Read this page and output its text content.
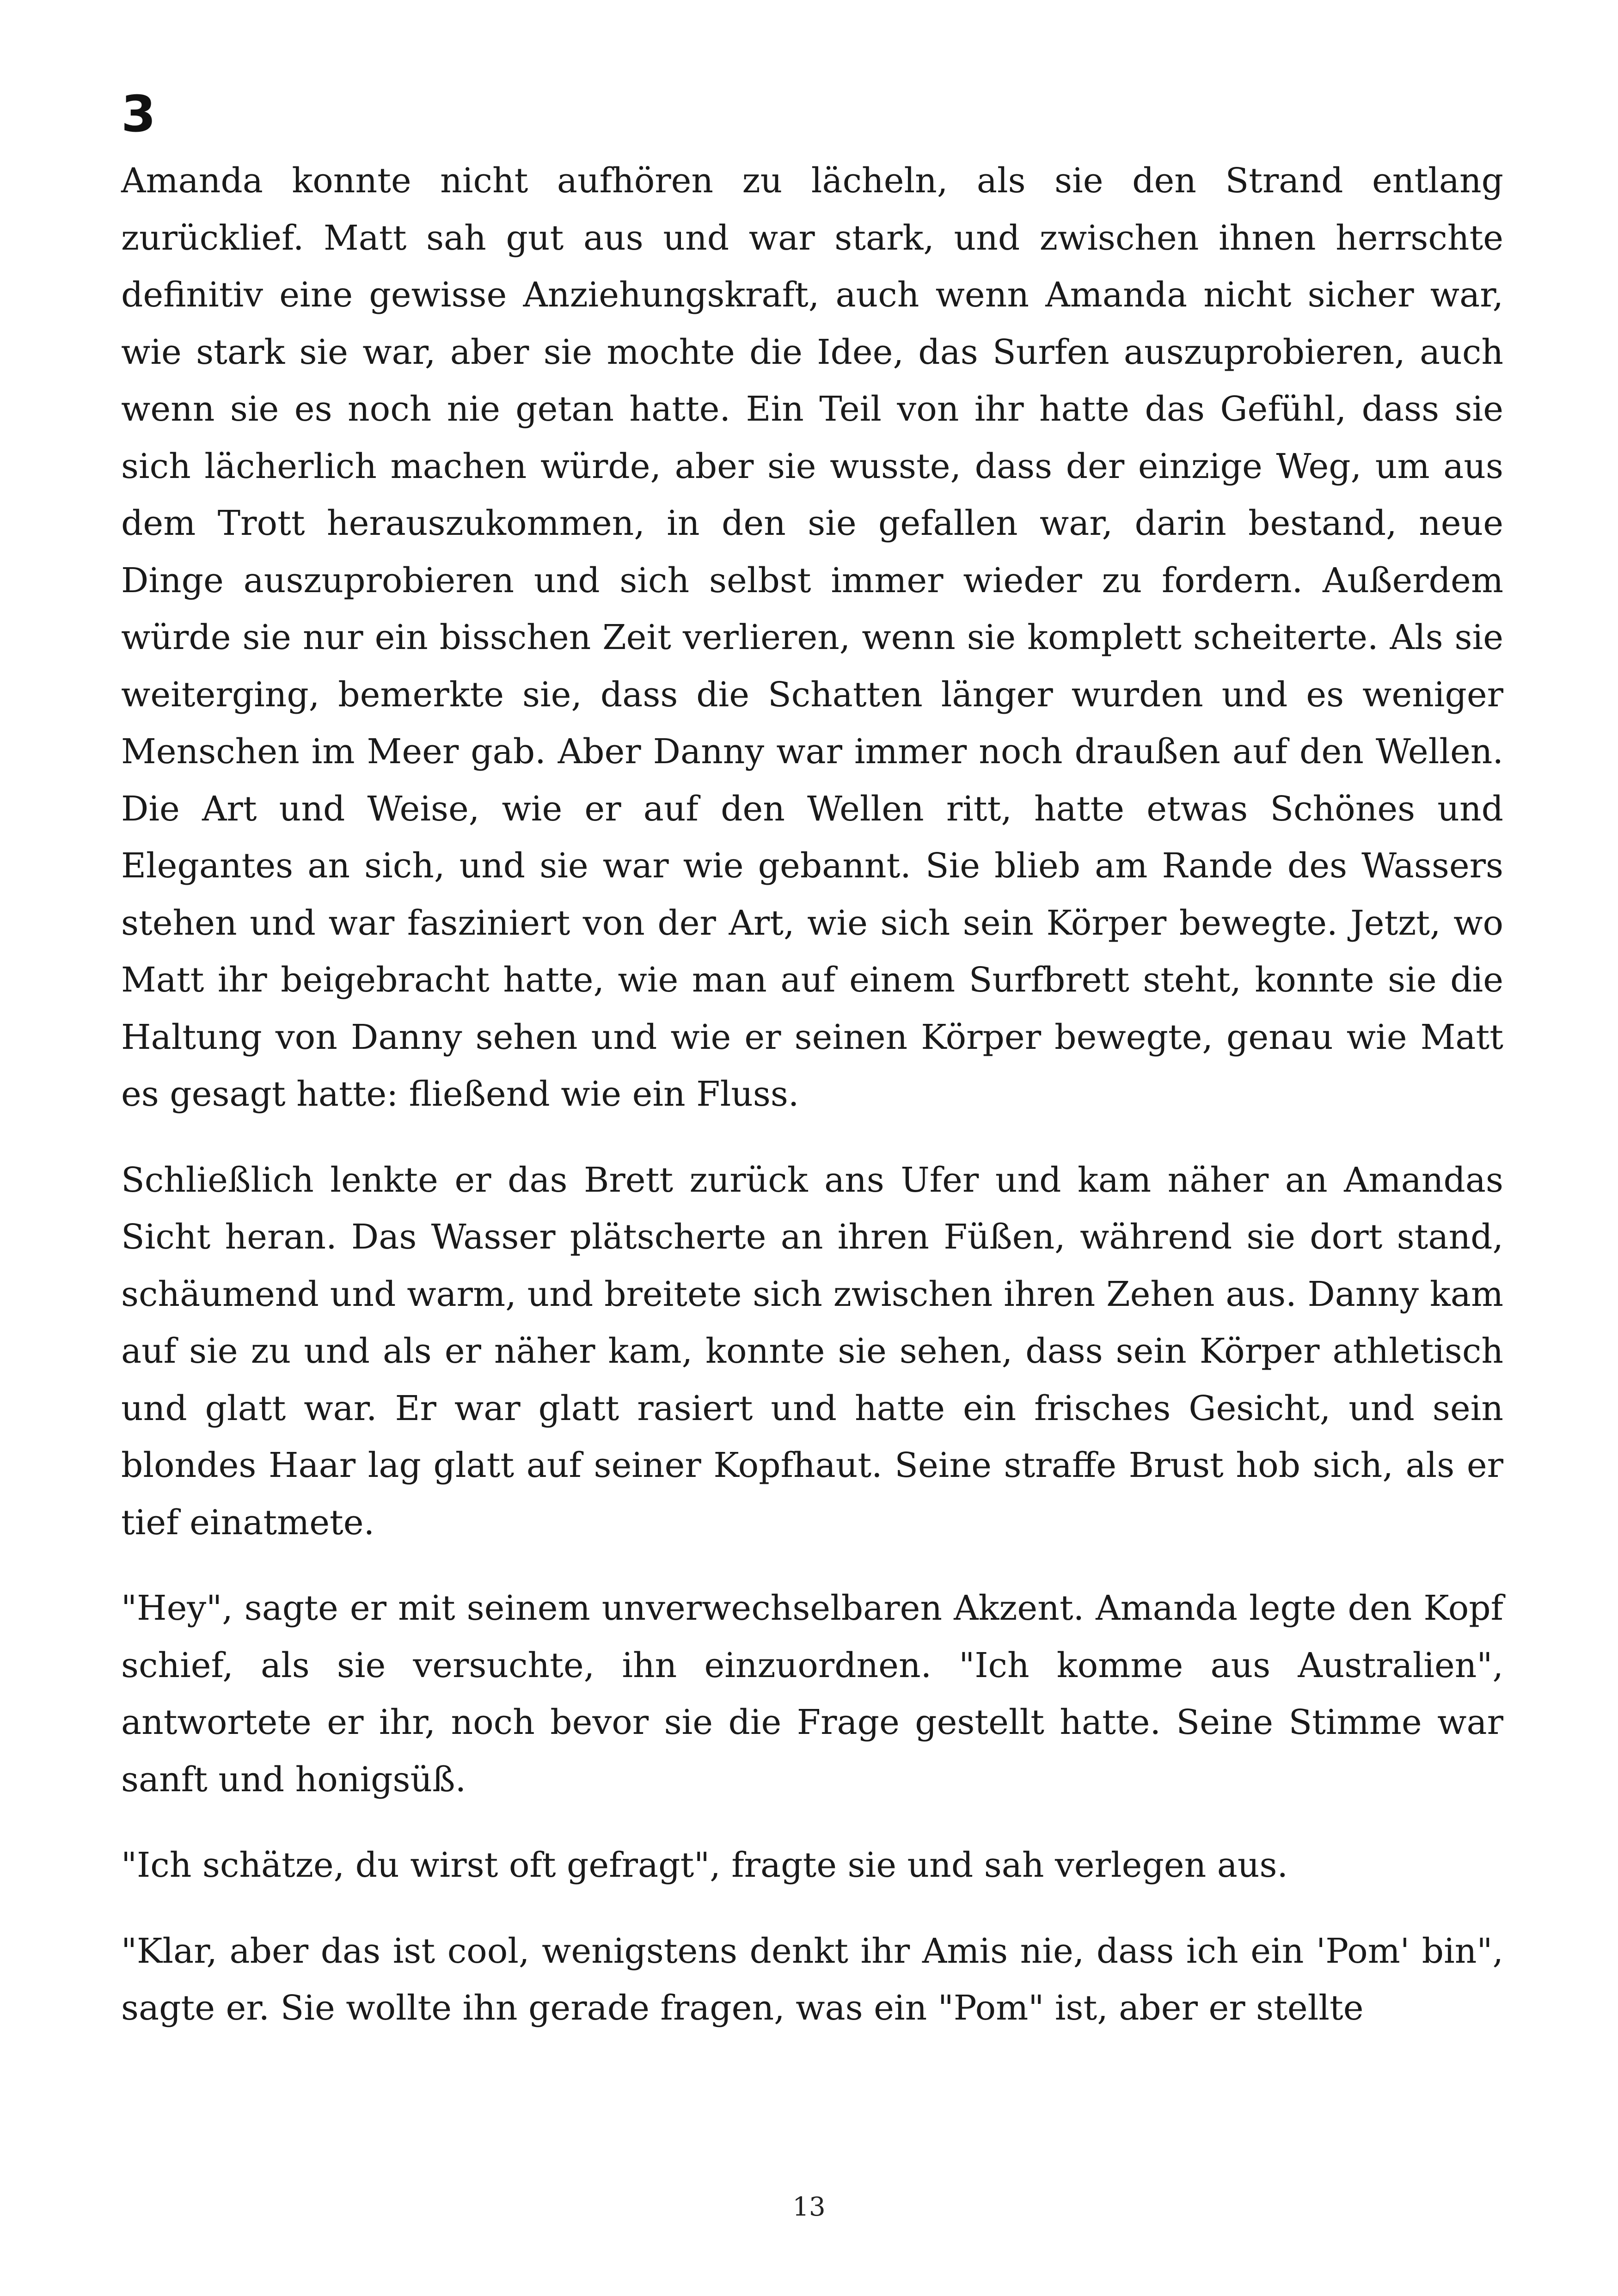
3

Amanda konnte nicht aufhören zu lächeln, als sie den Strand entlang zurücklief. Matt sah gut aus und war stark, und zwischen ihnen herrschte definitiv eine gewisse Anziehungskraft, auch wenn Amanda nicht sicher war, wie stark sie war, aber sie mochte die Idee, das Surfen auszuprobieren, auch wenn sie es noch nie getan hatte. Ein Teil von ihr hatte das Gefühl, dass sie sich lächerlich machen würde, aber sie wusste, dass der einzige Weg, um aus dem Trott herauszukommen, in den sie gefallen war, darin bestand, neue Dinge auszuprobieren und sich selbst immer wieder zu fordern. Außerdem würde sie nur ein bisschen Zeit verlieren, wenn sie komplett scheiterte. Als sie weiterging, bemerkte sie, dass die Schatten länger wurden und es weniger Menschen im Meer gab. Aber Danny war immer noch draußen auf den Wellen. Die Art und Weise, wie er auf den Wellen ritt, hatte etwas Schönes und Elegantes an sich, und sie war wie gebannt. Sie blieb am Rande des Wassers stehen und war fasziniert von der Art, wie sich sein Körper bewegte. Jetzt, wo Matt ihr beigebracht hatte, wie man auf einem Surfbrett steht, konnte sie die Haltung von Danny sehen und wie er seinen Körper bewegte, genau wie Matt es gesagt hatte: fließend wie ein Fluss.

Schließlich lenkte er das Brett zurück ans Ufer und kam näher an Amandas Sicht heran. Das Wasser plätscherte an ihren Füßen, während sie dort stand, schäumend und warm, und breitete sich zwischen ihren Zehen aus. Danny kam auf sie zu und als er näher kam, konnte sie sehen, dass sein Körper athletisch und glatt war. Er war glatt rasiert und hatte ein frisches Gesicht, und sein blondes Haar lag glatt auf seiner Kopfhaut. Seine straffe Brust hob sich, als er tief einatmete.

"Hey", sagte er mit seinem unverwechselbaren Akzent. Amanda legte den Kopf schief, als sie versuchte, ihn einzuordnen. "Ich komme aus Australien", antwortete er ihr, noch bevor sie die Frage gestellt hatte. Seine Stimme war sanft und honigsüß.

"Ich schätze, du wirst oft gefragt", fragte sie und sah verlegen aus.

"Klar, aber das ist cool, wenigstens denkt ihr Amis nie, dass ich ein 'Pom' bin", sagte er. Sie wollte ihn gerade fragen, was ein "Pom" ist, aber er stellte

13
